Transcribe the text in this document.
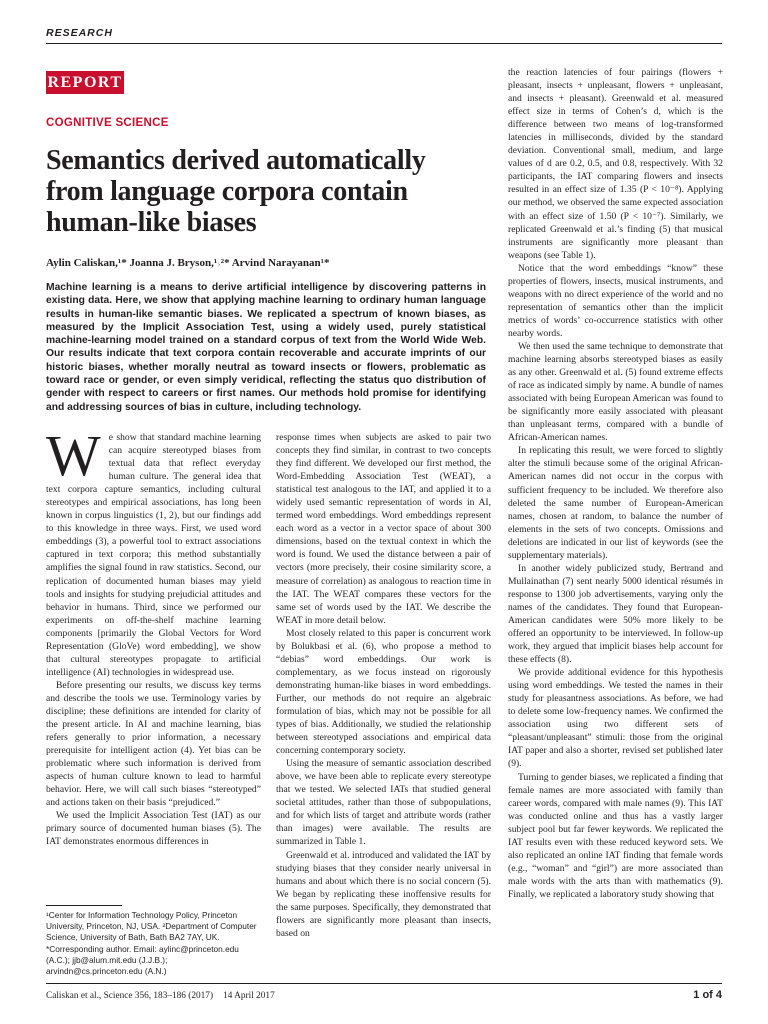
RESEARCH
REPORT
COGNITIVE SCIENCE
Semantics derived automatically from language corpora contain human-like biases
Aylin Caliskan,¹* Joanna J. Bryson,¹˒²* Arvind Narayanan¹*

Machine learning is a means to derive artificial intelligence by discovering patterns in existing data. Here, we show that applying machine learning to ordinary human language results in human-like semantic biases. We replicated a spectrum of known biases, as measured by the Implicit Association Test, using a widely used, purely statistical machine-learning model trained on a standard corpus of text from the World Wide Web. Our results indicate that text corpora contain recoverable and accurate imprints of our historic biases, whether morally neutral as toward insects or flowers, problematic as toward race or gender, or even simply veridical, reflecting the status quo distribution of gender with respect to careers or first names. Our methods hold promise for identifying and addressing sources of bias in culture, including technology.

We show that standard machine learning can acquire stereotyped biases from textual data that reflect everyday human culture. The general idea that text corpora capture semantics, including cultural stereotypes and empirical associations, has long been known in corpus linguistics (1, 2), but our findings add to this knowledge in three ways. First, we used word embeddings (3), a powerful tool to extract associations captured in text corpora; this method substantially amplifies the signal found in raw statistics. Second, our replication of documented human biases may yield tools and insights for studying prejudicial attitudes and behavior in humans. Third, since we performed our experiments on off-the-shelf machine learning components [primarily the Global Vectors for Word Representation (GloVe) word embedding], we show that cultural stereotypes propagate to artificial intelligence (AI) technologies in widespread use.

Before presenting our results, we discuss key terms and describe the tools we use. Terminology varies by discipline; these definitions are intended for clarity of the present article. In AI and machine learning, bias refers generally to prior information, a necessary prerequisite for intelligent action (4). Yet bias can be problematic where such information is derived from aspects of human culture known to lead to harmful behavior. Here, we will call such biases “stereotyped” and actions taken on their basis “prejudiced.”

We used the Implicit Association Test (IAT) as our primary source of documented human biases (5). The IAT demonstrates enormous differences in

response times when subjects are asked to pair two concepts they find similar, in contrast to two concepts they find different. We developed our first method, the Word-Embedding Association Test (WEAT), a statistical test analogous to the IAT, and applied it to a widely used semantic representation of words in AI, termed word embeddings. Word embeddings represent each word as a vector in a vector space of about 300 dimensions, based on the textual context in which the word is found. We used the distance between a pair of vectors (more precisely, their cosine similarity score, a measure of correlation) as analogous to reaction time in the IAT. The WEAT compares these vectors for the same set of words used by the IAT. We describe the WEAT in more detail below.

Most closely related to this paper is concurrent work by Bolukbasi et al. (6), who propose a method to “debias” word embeddings. Our work is complementary, as we focus instead on rigorously demonstrating human-like biases in word embeddings. Further, our methods do not require an algebraic formulation of bias, which may not be possible for all types of bias. Additionally, we studied the relationship between stereotyped associations and empirical data concerning contemporary society.

Using the measure of semantic association described above, we have been able to replicate every stereotype that we tested. We selected IATs that studied general societal attitudes, rather than those of subpopulations, and for which lists of target and attribute words (rather than images) were available. The results are summarized in Table 1.

Greenwald et al. introduced and validated the IAT by studying biases that they consider nearly universal in humans and about which there is no social concern (5). We began by replicating these inoffensive results for the same purposes. Specifically, they demonstrated that flowers are significantly more pleasant than insects, based on

the reaction latencies of four pairings (flowers + pleasant, insects + unpleasant, flowers + unpleasant, and insects + pleasant). Greenwald et al. measured effect size in terms of Cohen’s d, which is the difference between two means of log-transformed latencies in milliseconds, divided by the standard deviation. Conventional small, medium, and large values of d are 0.2, 0.5, and 0.8, respectively. With 32 participants, the IAT comparing flowers and insects resulted in an effect size of 1.35 (P < 10⁻⁸). Applying our method, we observed the same expected association with an effect size of 1.50 (P < 10⁻⁷). Similarly, we replicated Greenwald et al.’s finding (5) that musical instruments are significantly more pleasant than weapons (see Table 1).

Notice that the word embeddings “know” these properties of flowers, insects, musical instruments, and weapons with no direct experience of the world and no representation of semantics other than the implicit metrics of words’ co-occurrence statistics with other nearby words.

We then used the same technique to demonstrate that machine learning absorbs stereotyped biases as easily as any other. Greenwald et al. (5) found extreme effects of race as indicated simply by name. A bundle of names associated with being European American was found to be significantly more easily associated with pleasant than unpleasant terms, compared with a bundle of African-American names.

In replicating this result, we were forced to slightly alter the stimuli because some of the original African-American names did not occur in the corpus with sufficient frequency to be included. We therefore also deleted the same number of European-American names, chosen at random, to balance the number of elements in the sets of two concepts. Omissions and deletions are indicated in our list of keywords (see the supplementary materials).

In another widely publicized study, Bertrand and Mullainathan (7) sent nearly 5000 identical résumés in response to 1300 job advertisements, varying only the names of the candidates. They found that European-American candidates were 50% more likely to be offered an opportunity to be interviewed. In follow-up work, they argued that implicit biases help account for these effects (8).

We provide additional evidence for this hypothesis using word embeddings. We tested the names in their study for pleasantness associations. As before, we had to delete some low-frequency names. We confirmed the association using two different sets of “pleasant/unpleasant” stimuli: those from the original IAT paper and also a shorter, revised set published later (9).

Turning to gender biases, we replicated a finding that female names are more associated with family than career words, compared with male names (9). This IAT was conducted online and thus has a vastly larger subject pool but far fewer keywords. We replicated the IAT results even with these reduced keyword sets. We also replicated an online IAT finding that female words (e.g., “woman” and “girl”) are more associated than male words with the arts than with mathematics (9). Finally, we replicated a laboratory study showing that

¹Center for Information Technology Policy, Princeton University, Princeton, NJ, USA. ²Department of Computer Science, University of Bath, Bath BA2 7AY, UK.

*Corresponding author. Email: aylinc@princeton.edu (A.C.); jjb@alum.mit.edu (J.J.B.); arvindn@cs.princeton.edu (A.N.)

Caliskan et al., Science 356, 183–186 (2017) 14 April 2017	1 of 4
